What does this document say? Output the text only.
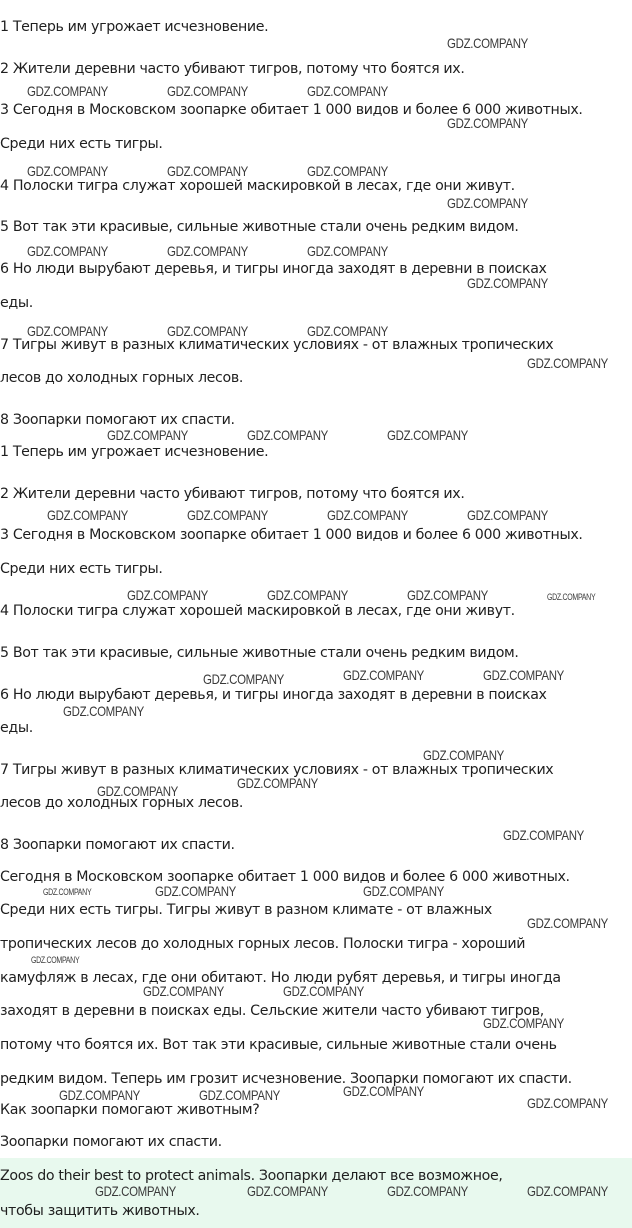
1 Теперь им угрожает исчезновение.
2 Жители деревни часто убивают тигров, потому что боятся их.
3 Сегодня в Московском зоопарке обитает 1 000 видов и более 6 000 животных.
Среди них есть тигры.
4 Полоски тигра служат хорошей маскировкой в лесах, где они живут.
5 Вот так эти красивые, сильные животные стали очень редким видом.
6 Но люди вырубают деревья, и тигры иногда заходят в деревни в поисках
еды.
7 Тигры живут в разных климатических условиях - от влажных тропических
лесов до холодных горных лесов.
8 Зоопарки помогают их спасти.
1 Теперь им угрожает исчезновение.
2 Жители деревни часто убивают тигров, потому что боятся их.
3 Сегодня в Московском зоопарке обитает 1 000 видов и более 6 000 животных.
Среди них есть тигры.
4 Полоски тигра служат хорошей маскировкой в лесах, где они живут.
5 Вот так эти красивые, сильные животные стали очень редким видом.
6 Но люди вырубают деревья, и тигры иногда заходят в деревни в поисках
еды.
7 Тигры живут в разных климатических условиях - от влажных тропических
лесов до холодных горных лесов.
8 Зоопарки помогают их спасти.
Сегодня в Московском зоопарке обитает 1 000 видов и более 6 000 животных.
Среди них есть тигры. Тигры живут в разном климате - от влажных
тропических лесов до холодных горных лесов. Полоски тигра - хороший
камуфляж в лесах, где они обитают. Но люди рубят деревья, и тигры иногда
заходят в деревни в поисках еды. Сельские жители часто убивают тигров,
потому что боятся их. Вот так эти красивые, сильные животные стали очень
редким видом. Теперь им грозит исчезновение. Зоопарки помогают их спасти.
Как зоопарки помогают животным?
Зоопарки помогают их спасти.
Zoos do their best to protect animals. Зоопарки делают все возможное,
чтобы защитить животных.
GDZ.COMPANY
GDZ.COMPANY	GDZ.COMPANY	GDZ.COMPANY
GDZ.COMPANY
GDZ.COMPANY	GDZ.COMPANY	GDZ.COMPANY
GDZ.COMPANY
GDZ.COMPANY	GDZ.COMPANY	GDZ.COMPANY
GDZ.COMPANY
GDZ.COMPANY	GDZ.COMPANY	GDZ.COMPANY
GDZ.COMPANY
GDZ.COMPANY	GDZ.COMPANY	GDZ.COMPANY
GDZ.COMPANY	GDZ.COMPANY	GDZ.COMPANY	GDZ.COMPANY
GDZ.COMPANY	GDZ.COMPANY	GDZ.COMPANY	GDZ.COMPANY
GDZ.COMPANY	GDZ.COMPANY
GDZ.COMPANY
GDZ.COMPANY
GDZ.COMPANY
GDZ.COMPANY
GDZ.COMPANY
GDZ.COMPANY
GDZ.COMPANY	GDZ.COMPANY	GDZ.COMPANY
GDZ.COMPANY
GDZ.COMPANY
GDZ.COMPANY	GDZ.COMPANY
GDZ.COMPANY
GDZ.COMPANY
GDZ.COMPANY	GDZ.COMPANY	GDZ.COMPANY
GDZ.COMPANY	GDZ.COMPANY	GDZ.COMPANY	GDZ.COMPANY
